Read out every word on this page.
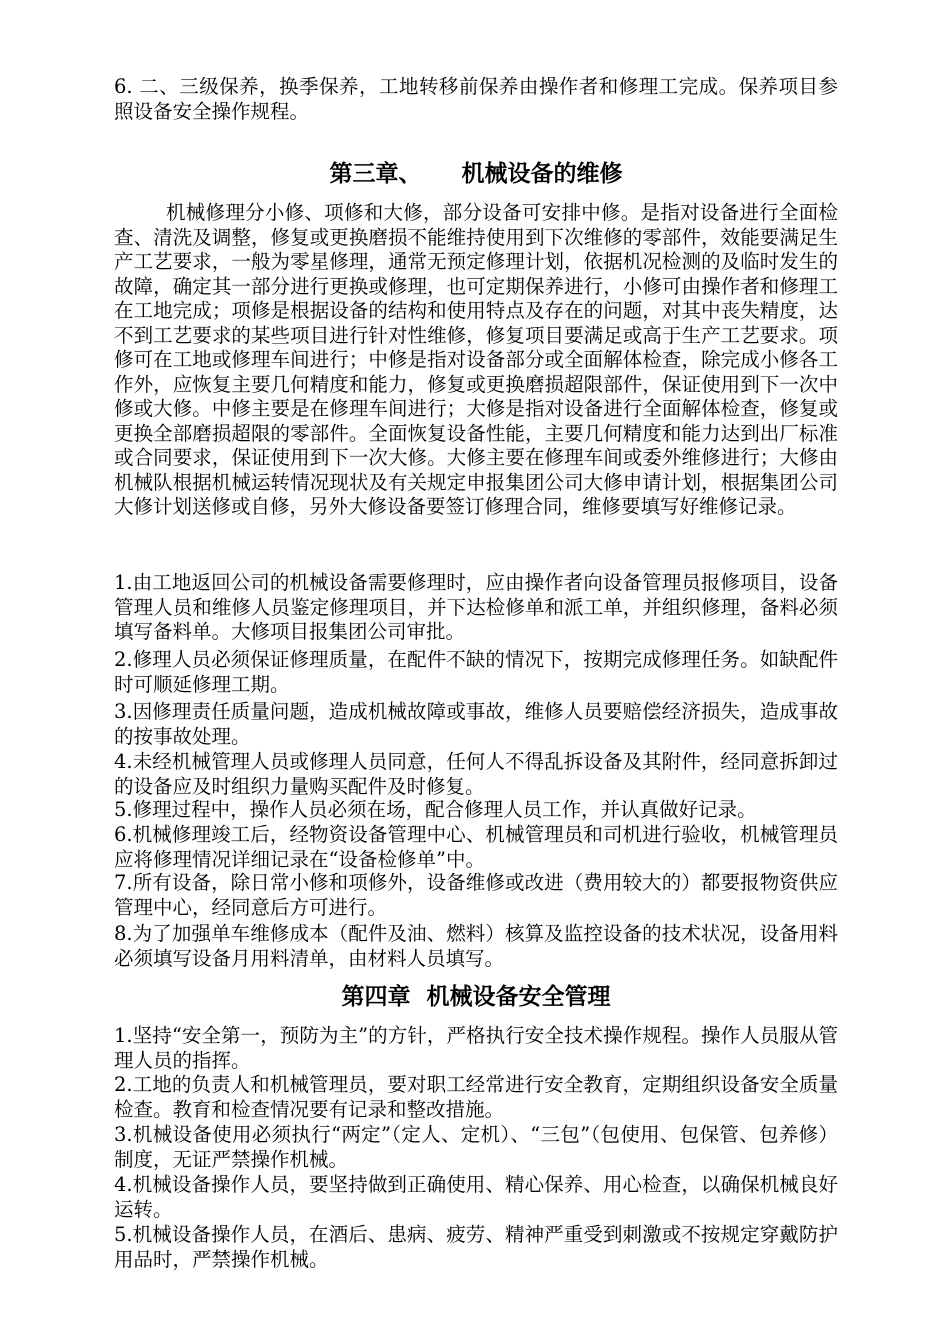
6. 二、三级保养，换季保养，工地转移前保养由操作者和修理工完成。保养项目参照设备安全操作规程。

第三章、 机械设备的维修

机械修理分小修、项修和大修，部分设备可安排中修。是指对设备进行全面检查、清洗及调整，修复或更换磨损不能维持使用到下次维修的零部件，效能要满足生产工艺要求，一般为零星修理，通常无预定修理计划，依据机况检测的及临时发生的故障，确定其一部分进行更换或修理，也可定期保养进行，小修可由操作者和修理工在工地完成；项修是根据设备的结构和使用特点及存在的问题，对其中丧失精度，达不到工艺要求的某些项目进行针对性维修，修复项目要满足或高于生产工艺要求。项修可在工地或修理车间进行；中修是指对设备部分或全面解体检查，除完成小修各工作外，应恢复主要几何精度和能力，修复或更换磨损超限部件，保证使用到下一次中修或大修。中修主要是在修理车间进行；大修是指对设备进行全面解体检查，修复或更换全部磨损超限的零部件。全面恢复设备性能，主要几何精度和能力达到出厂标准或合同要求，保证使用到下一次大修。大修主要在修理车间或委外维修进行；大修由机械队根据机械运转情况现状及有关规定申报集团公司大修申请计划，根据集团公司大修计划送修或自修，另外大修设备要签订修理合同，维修要填写好维修记录。

1.由工地返回公司的机械设备需要修理时，应由操作者向设备管理员报修项目，设备管理人员和维修人员鉴定修理项目，并下达检修单和派工单，并组织修理，备料必须填写备料单。大修项目报集团公司审批。

2.修理人员必须保证修理质量，在配件不缺的情况下，按期完成修理任务。如缺配件时可顺延修理工期。

3.因修理责任质量问题，造成机械故障或事故，维修人员要赔偿经济损失，造成事故的按事故处理。

4.未经机械管理人员或修理人员同意，任何人不得乱拆设备及其附件，经同意拆卸过的设备应及时组织力量购买配件及时修复。

5.修理过程中，操作人员必须在场，配合修理人员工作，并认真做好记录。

6.机械修理竣工后，经物资设备管理中心、机械管理员和司机进行验收，机械管理员应将修理情况详细记录在“设备检修单”中。

7.所有设备，除日常小修和项修外，设备维修或改进（费用较大的）都要报物资供应管理中心，经同意后方可进行。

8.为了加强单车维修成本（配件及油、燃料）核算及监控设备的技术状况，设备用料必须填写设备月用料清单，由材料人员填写。

第四章 机械设备安全管理

1.坚持“安全第一，预防为主”的方针，严格执行安全技术操作规程。操作人员服从管理人员的指挥。

2.工地的负责人和机械管理员，要对职工经常进行安全教育，定期组织设备安全质量检查。教育和检查情况要有记录和整改措施。

3.机械设备使用必须执行“两定”（定人、定机）、“三包”（包使用、包保管、包养修）制度，无证严禁操作机械。

4.机械设备操作人员，要坚持做到正确使用、精心保养、用心检查，以确保机械良好运转。

5.机械设备操作人员，在酒后、患病、疲劳、精神严重受到刺激或不按规定穿戴防护用品时，严禁操作机械。
